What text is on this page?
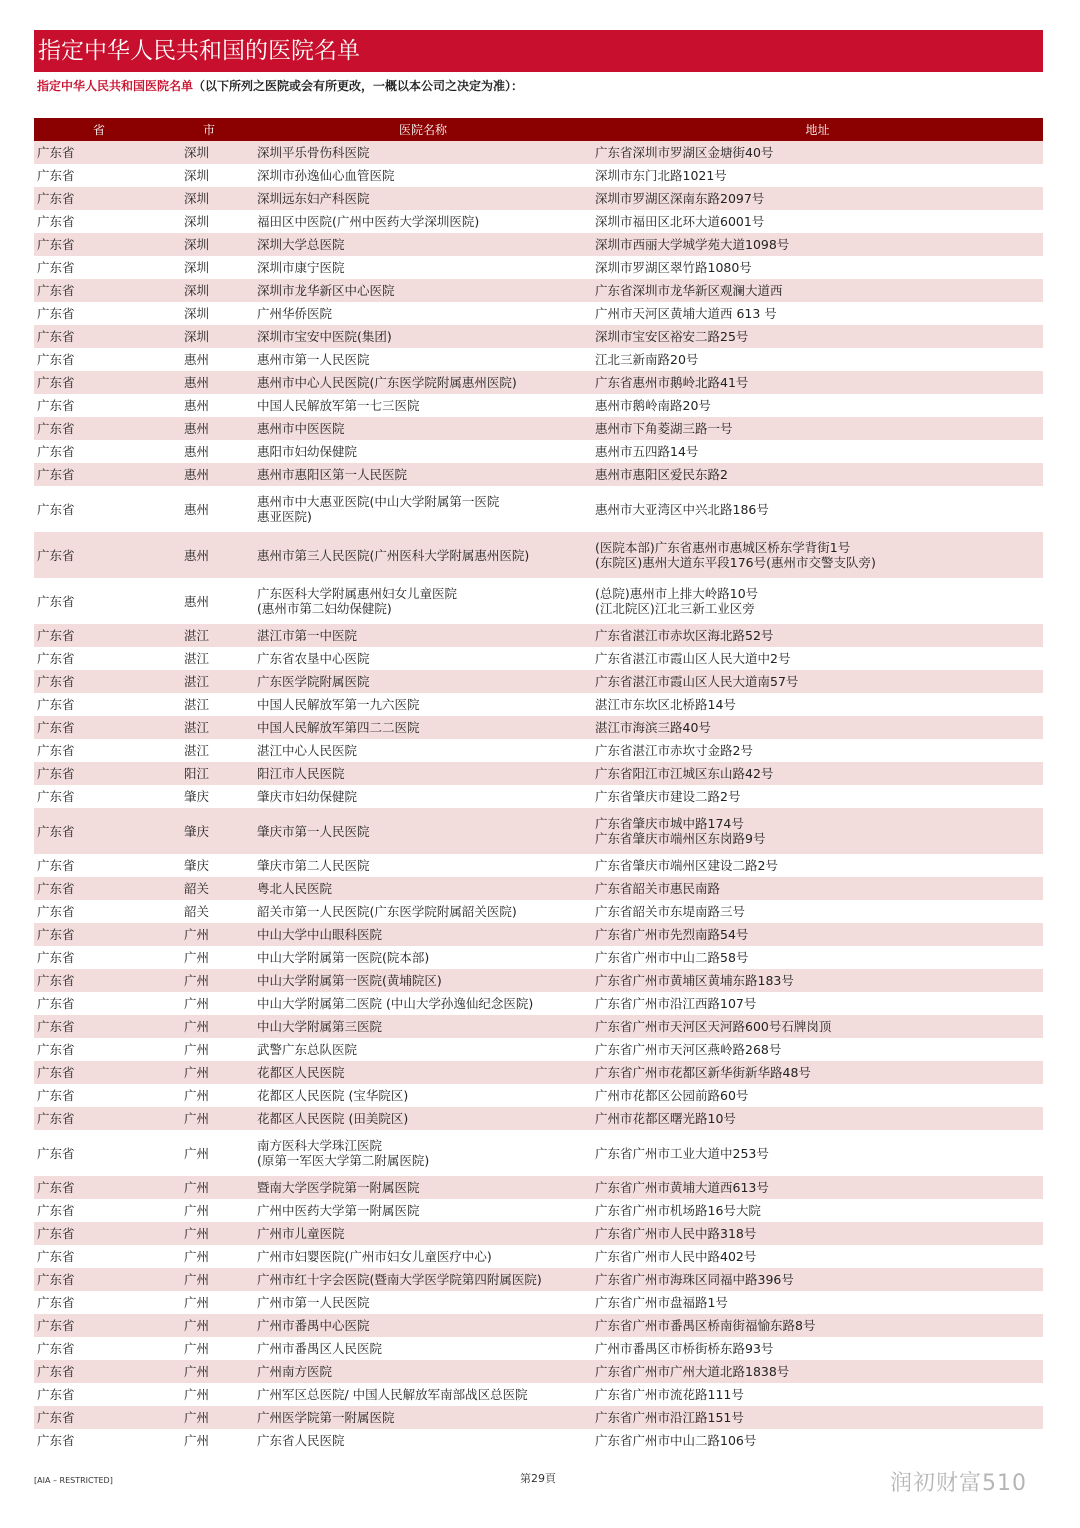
指定中华人民共和国的医院名单
指定中华人民共和国医院名单（以下所列之医院或会有所更改，一概以本公司之决定为准）：
省	市	医院名称	地址
广东省	深圳	深圳平乐骨伤科医院	广东省深圳市罗湖区金塘街40号
广东省	深圳	深圳市孙逸仙心血管医院	深圳市东门北路1021号
广东省	深圳	深圳远东妇产科医院	深圳市罗湖区深南东路2097号
广东省	深圳	福田区中医院(广州中医药大学深圳医院)	深圳市福田区北环大道6001号
广东省	深圳	深圳大学总医院	深圳市西丽大学城学苑大道1098号
广东省	深圳	深圳市康宁医院	深圳市罗湖区翠竹路1080号
广东省	深圳	深圳市龙华新区中心医院	广东省深圳市龙华新区观澜大道西
广东省	深圳	广州华侨医院	广州市天河区黄埔大道西 613 号
广东省	深圳	深圳市宝安中医院(集团)	深圳市宝安区裕安二路25号
广东省	惠州	惠州市第一人民医院	江北三新南路20号
广东省	惠州	惠州市中心人民医院(广东医学院附属惠州医院)	广东省惠州市鹅岭北路41号
广东省	惠州	中国人民解放军第一七三医院	惠州市鹅岭南路20号
广东省	惠州	惠州市中医医院	惠州市下角菱湖三路一号
广东省	惠州	惠阳市妇幼保健院	惠州市五四路14号
广东省	惠州	惠州市惠阳区第一人民医院	惠州市惠阳区爱民东路2
广东省	惠州	惠州市中大惠亚医院(中山大学附属第一医院
惠亚医院)	惠州市大亚湾区中兴北路186号
广东省	惠州	惠州市第三人民医院(广州医科大学附属惠州医院)	(医院本部)广东省惠州市惠城区桥东学背街1号
(东院区)惠州大道东平段176号(惠州市交警支队旁)
广东省	惠州	广东医科大学附属惠州妇女儿童医院
(惠州市第二妇幼保健院)	(总院)惠州市上排大岭路10号
(江北院区)江北三新工业区旁
广东省	湛江	湛江市第一中医院	广东省湛江市赤坎区海北路52号
广东省	湛江	广东省农垦中心医院	广东省湛江市霞山区人民大道中2号
广东省	湛江	广东医学院附属医院	广东省湛江市霞山区人民大道南57号
广东省	湛江	中国人民解放军第一九六医院	湛江市东坎区北桥路14号
广东省	湛江	中国人民解放军第四二二医院	湛江市海滨三路40号
广东省	湛江	湛江中心人民医院	广东省湛江市赤坎寸金路2号
广东省	阳江	阳江市人民医院	广东省阳江市江城区东山路42号
广东省	肇庆	肇庆市妇幼保健院	广东省肇庆市建设二路2号
广东省	肇庆	肇庆市第一人民医院	广东省肇庆市城中路174号
广东省肇庆市端州区东岗路9号
广东省	肇庆	肇庆市第二人民医院	广东省肇庆市端州区建设二路2号
广东省	韶关	粤北人民医院	广东省韶关市惠民南路
广东省	韶关	韶关市第一人民医院(广东医学院附属韶关医院)	广东省韶关市东堤南路三号
广东省	广州	中山大学中山眼科医院	广东省广州市先烈南路54号
广东省	广州	中山大学附属第一医院(院本部)	广东省广州市中山二路58号
广东省	广州	中山大学附属第一医院(黄埔院区)	广东省广州市黄埔区黄埔东路183号
广东省	广州	中山大学附属第二医院 (中山大学孙逸仙纪念医院)	广东省广州市沿江西路107号
广东省	广州	中山大学附属第三医院	广东省广州市天河区天河路600号石牌岗顶
广东省	广州	武警广东总队医院	广东省广州市天河区燕岭路268号
广东省	广州	花都区人民医院	广东省广州市花都区新华街新华路48号
广东省	广州	花都区人民医院 (宝华院区)	广州市花都区公园前路60号
广东省	广州	花都区人民医院 (田美院区)	广州市花都区曙光路10号
广东省	广州	南方医科大学珠江医院
(原第一军医大学第二附属医院)	广东省广州市工业大道中253号
广东省	广州	暨南大学医学院第一附属医院	广东省广州市黄埔大道西613号
广东省	广州	广州中医药大学第一附属医院	广东省广州市机场路16号大院
广东省	广州	广州市儿童医院	广东省广州市人民中路318号
广东省	广州	广州市妇婴医院(广州市妇女儿童医疗中心)	广东省广州市人民中路402号
广东省	广州	广州市红十字会医院(暨南大学医学院第四附属医院)	广东省广州市海珠区同福中路396号
广东省	广州	广州市第一人民医院	广东省广州市盘福路1号
广东省	广州	广州市番禺中心医院	广东省广州市番禺区桥南街福愉东路8号
广东省	广州	广州市番禺区人民医院	广州市番禺区市桥街桥东路93号
广东省	广州	广州南方医院	广东省广州市广州大道北路1838号
广东省	广州	广州军区总医院/ 中国人民解放军南部战区总医院	广东省广州市流花路111号
广东省	广州	广州医学院第一附属医院	广东省广州市沿江路151号
广东省	广州	广东省人民医院	广东省广州市中山二路106号
[AIA – RESTRICTED]	第29頁	润初财富510
